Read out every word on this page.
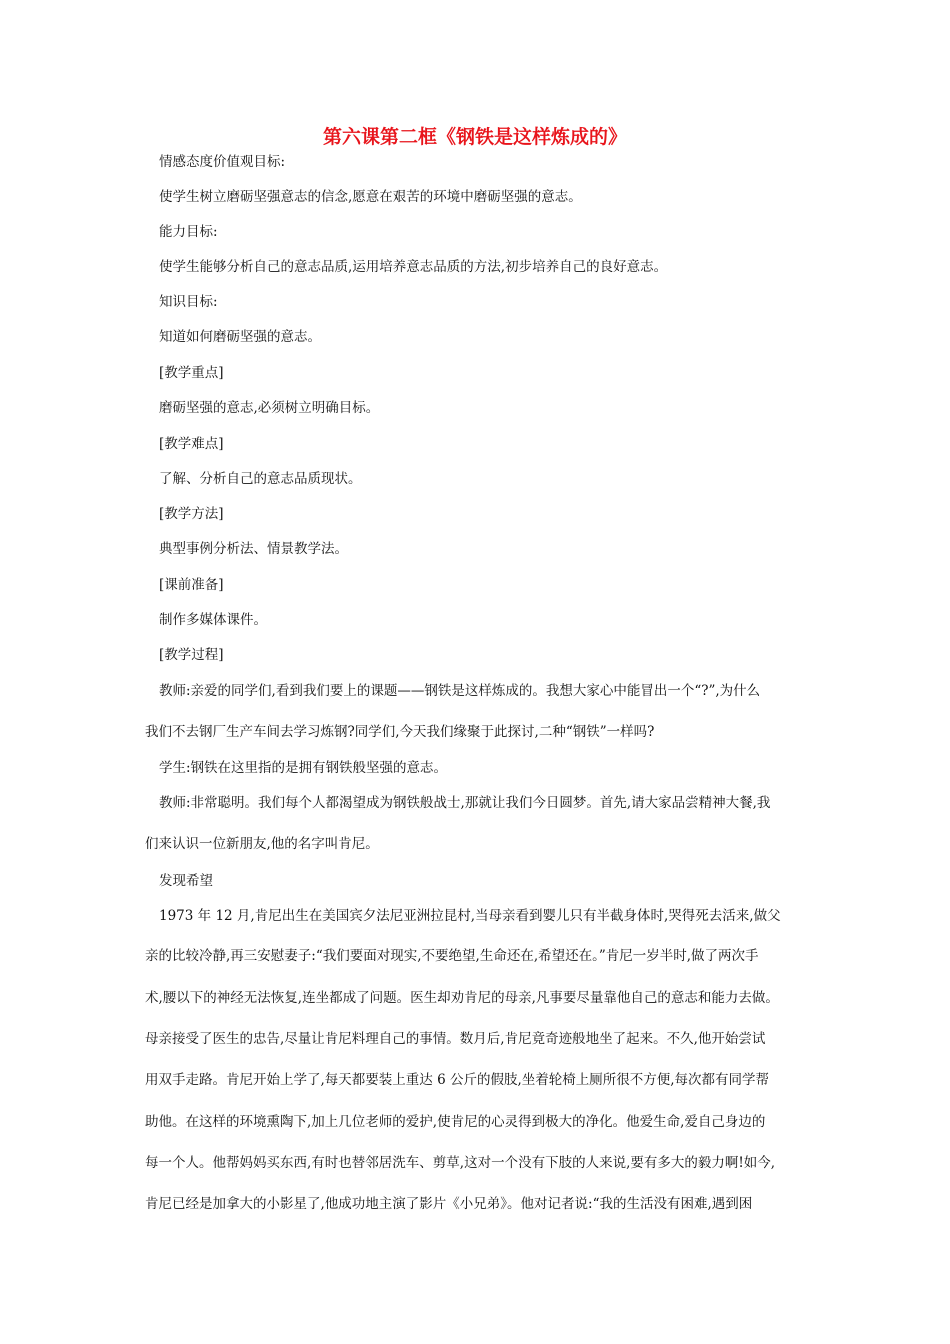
第六课第二框《钢铁是这样炼成的》
情感态度价值观目标:
使学生树立磨砺坚强意志的信念,愿意在艰苦的环境中磨砺坚强的意志。
能力目标:
使学生能够分析自己的意志品质,运用培养意志品质的方法,初步培养自己的良好意志。
知识目标:
知道如何磨砺坚强的意志。
[教学重点]
磨砺坚强的意志,必须树立明确目标。
[教学难点]
了解、分析自己的意志品质现状。
[教学方法]
典型事例分析法、情景教学法。
[课前准备]
制作多媒体课件。
[教学过程]
教师:亲爱的同学们,看到我们要上的课题——钢铁是这样炼成的。我想大家心中能冒出一个“?”,为什么
我们不去钢厂生产车间去学习炼钢?同学们,今天我们缘聚于此探讨,二种“钢铁”一样吗?
学生:钢铁在这里指的是拥有钢铁般坚强的意志。
教师:非常聪明。我们每个人都渴望成为钢铁般战士,那就让我们今日圆梦。首先,请大家品尝精神大餐,我
们来认识一位新朋友,他的名字叫肯尼。
发现希望
1973 年 12 月,肯尼出生在美国宾夕法尼亚洲拉昆村,当母亲看到婴儿只有半截身体时,哭得死去活来,做父
亲的比较冷静,再三安慰妻子:“我们要面对现实,不要绝望,生命还在,希望还在。”肯尼一岁半时,做了两次手
术,腰以下的神经无法恢复,连坐都成了问题。医生却劝肯尼的母亲,凡事要尽量靠他自己的意志和能力去做。
母亲接受了医生的忠告,尽量让肯尼料理自己的事情。数月后,肯尼竟奇迹般地坐了起来。不久,他开始尝试
用双手走路。肯尼开始上学了,每天都要装上重达 6 公斤的假肢,坐着轮椅上厕所很不方便,每次都有同学帮
助他。在这样的环境熏陶下,加上几位老师的爱护,使肯尼的心灵得到极大的净化。他爱生命,爱自己身边的
每一个人。他帮妈妈买东西,有时也替邻居洗车、剪草,这对一个没有下肢的人来说,要有多大的毅力啊!如今,
肯尼已经是加拿大的小影星了,他成功地主演了影片《小兄弟》。他对记者说:“我的生活没有困难,遇到困
